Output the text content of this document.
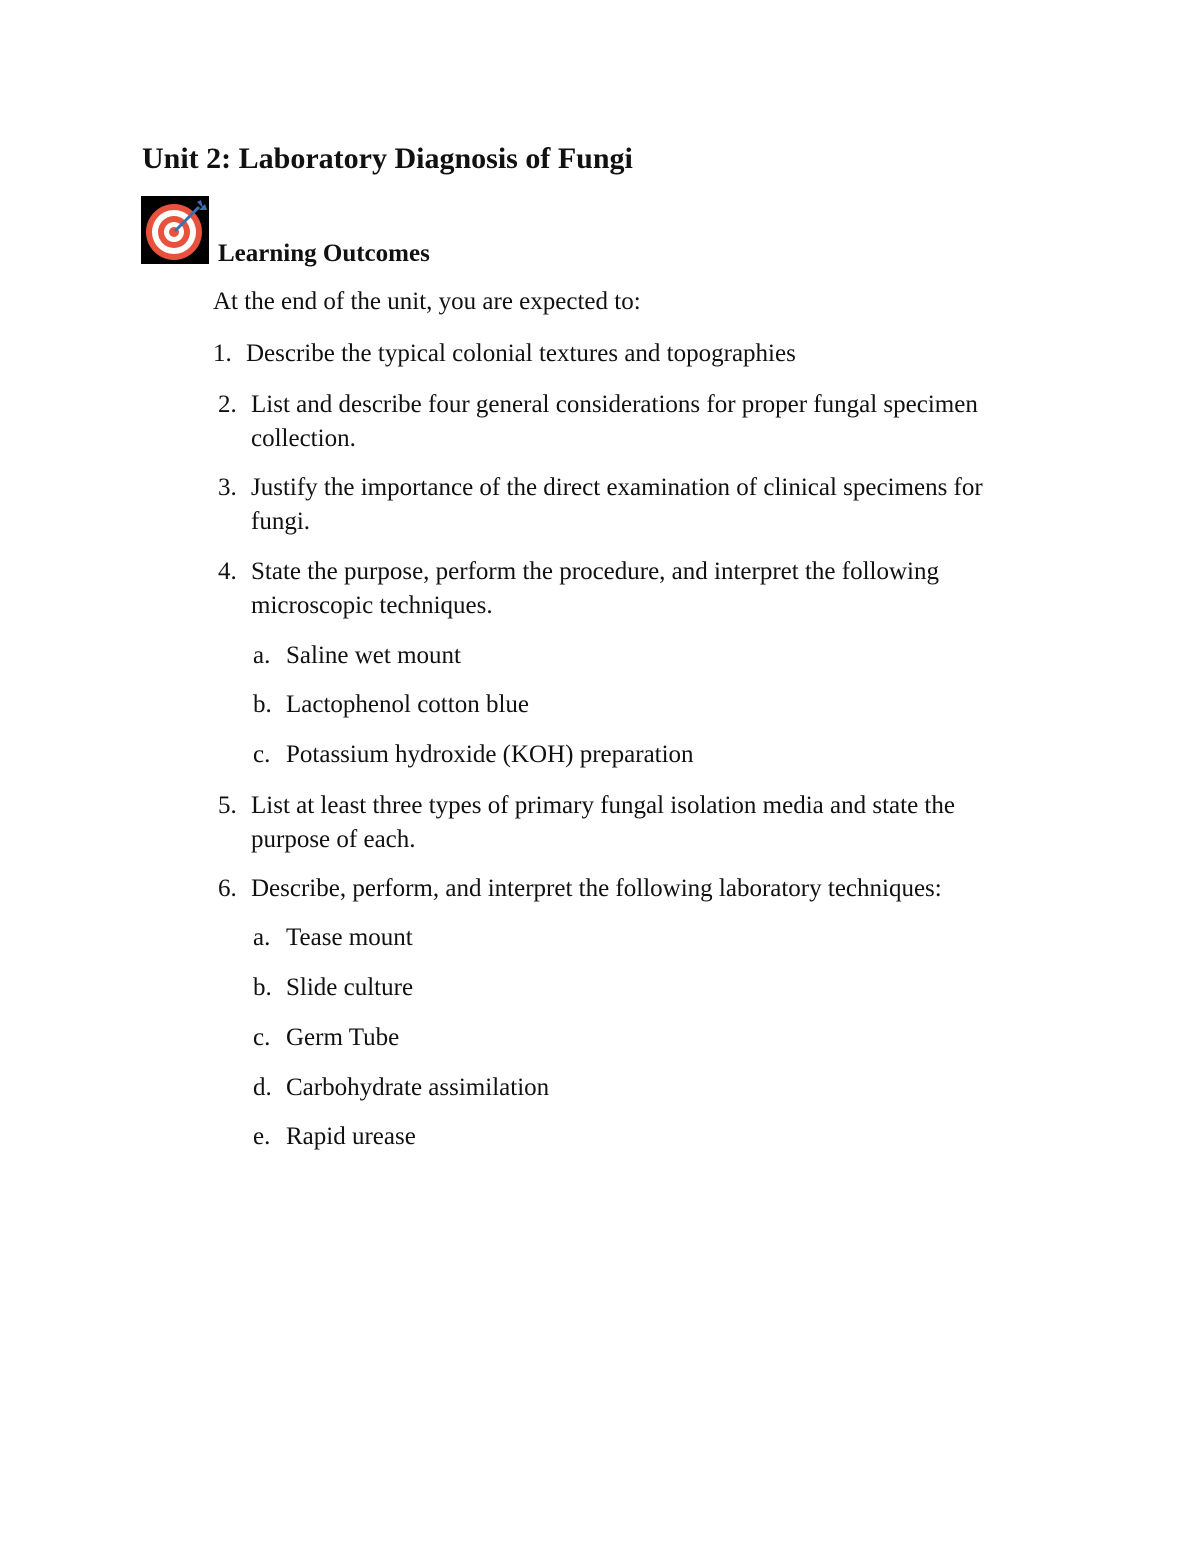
Unit 2: Laboratory Diagnosis of Fungi
Learning Outcomes
At the end of the unit, you are expected to:
1. Describe the typical colonial textures and topographies
2. List and describe four general considerations for proper fungal specimen
collection.
3. Justify the importance of the direct examination of clinical specimens for
fungi.
4. State the purpose, perform the procedure, and interpret the following
microscopic techniques.
a. Saline wet mount
b. Lactophenol cotton blue
c. Potassium hydroxide (KOH) preparation
5. List at least three types of primary fungal isolation media and state the
purpose of each.
6. Describe, perform, and interpret the following laboratory techniques:
a. Tease mount
b. Slide culture
c. Germ Tube
d. Carbohydrate assimilation
e. Rapid urease
